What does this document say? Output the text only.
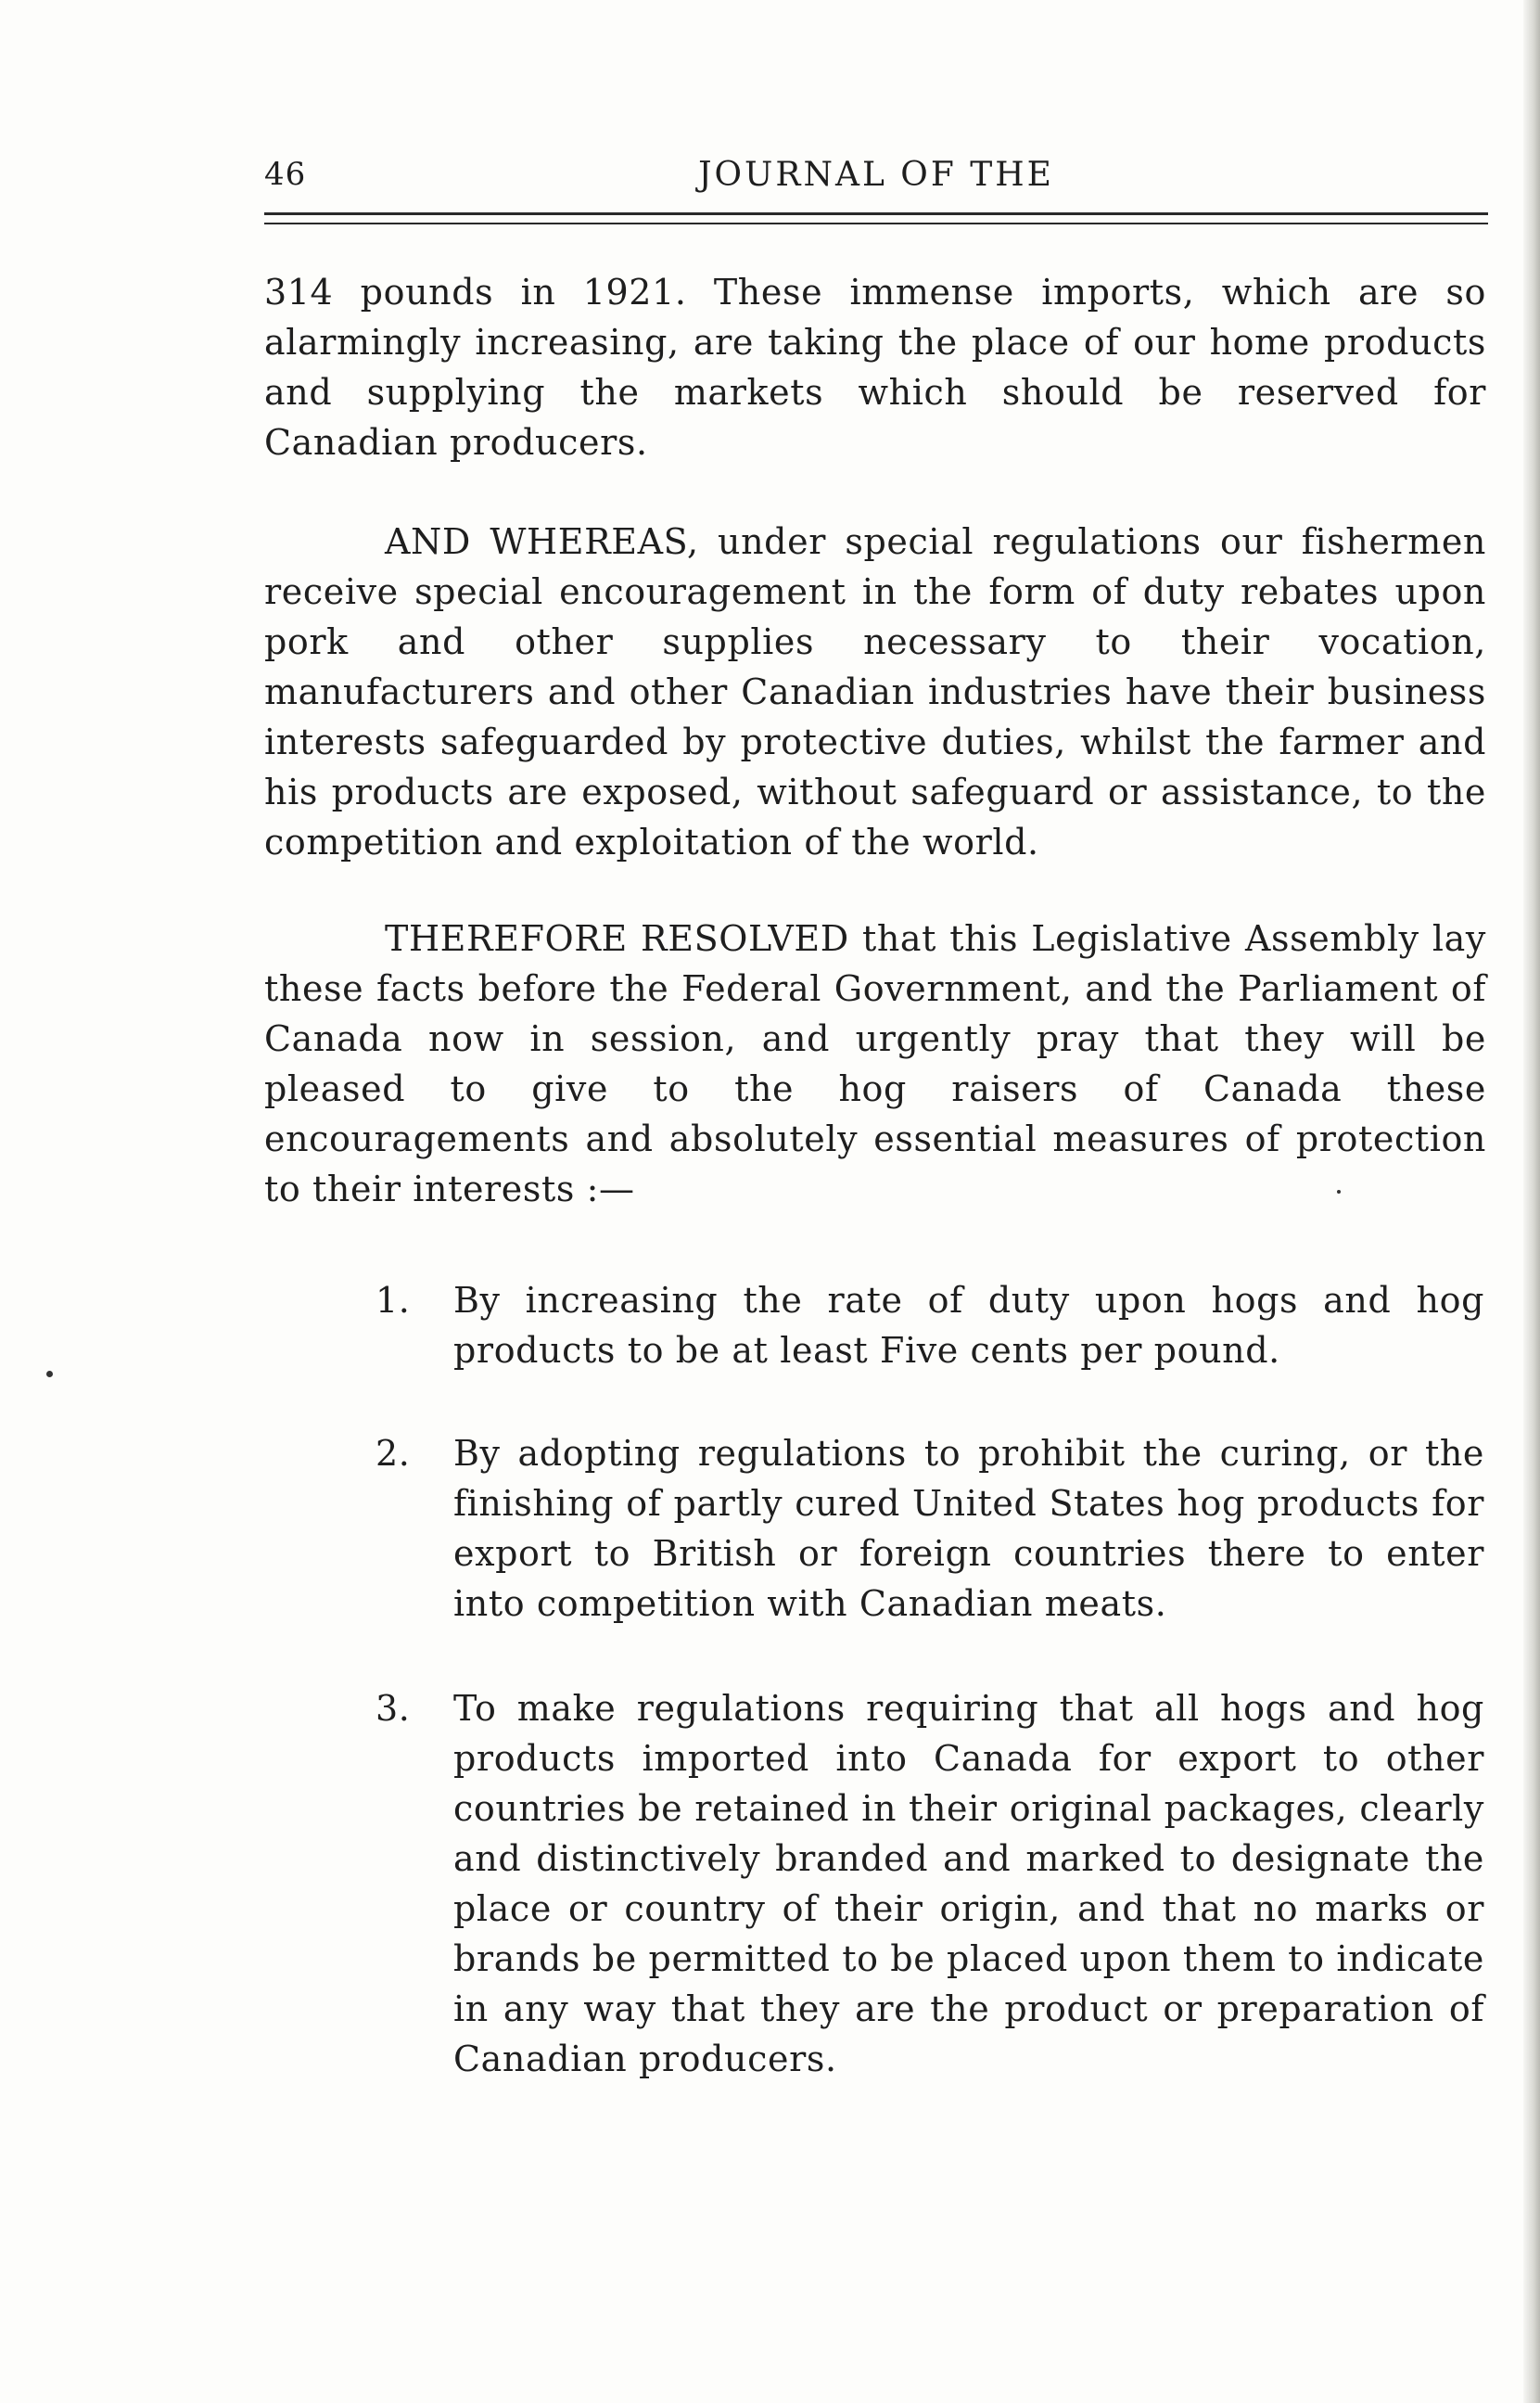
46	JOURNAL OF THE

314 pounds in 1921. These immense imports, which are so alarmingly increasing, are taking the place of our home products and supplying the markets which should be reserved for Canadian producers.

AND WHEREAS, under special regulations our fishermen receive special encouragement in the form of duty rebates upon pork and other supplies necessary to their vocation, manufacturers and other Canadian industries have their business interests safeguarded by protective duties, whilst the farmer and his products are exposed, without safeguard or assistance, to the competition and exploitation of the world.

THEREFORE RESOLVED that this Legislative Assembly lay these facts before the Federal Government, and the Parliament of Canada now in session, and urgently pray that they will be pleased to give to the hog raisers of Canada these encouragements and absolutely essential measures of protection to their interests :—

1. By increasing the rate of duty upon hogs and hog products to be at least Five cents per pound.

2. By adopting regulations to prohibit the curing, or the finishing of partly cured United States hog products for export to British or foreign countries there to enter into competition with Canadian meats.

3. To make regulations requiring that all hogs and hog products imported into Canada for export to other countries be retained in their original packages, clearly and distinctively branded and marked to designate the place or country of their origin, and that no marks or brands be permitted to be placed upon them to indicate in any way that they are the product or preparation of Canadian producers.
